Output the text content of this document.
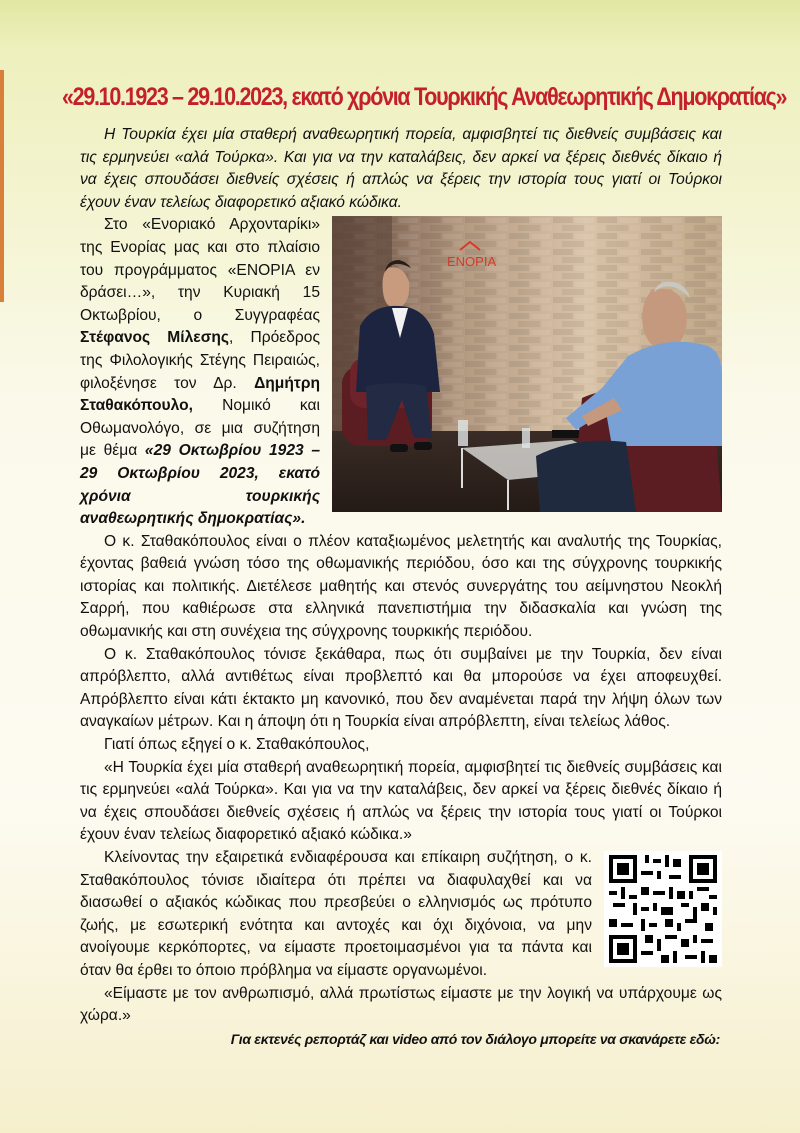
«29.10.1923 – 29.10.2023, εκατό χρόνια Τουρκικής Αναθεωρητικής Δημοκρατίας»

Η Τουρκία έχει μία σταθερή αναθεωρητική πορεία, αμφισβητεί τις διεθνείς συμβάσεις και τις ερμηνεύει «αλά Τούρκα». Και για να την καταλάβεις, δεν αρκεί να ξέρεις διεθνές δίκαιο ή να έχεις σπουδάσει διεθνείς σχέσεις ή απλώς να ξέρεις την ιστορία τους γιατί οι Τούρκοι έχουν έναν τελείως διαφορετικό αξιακό κώδικα.

ΕΝΟΡΙΑ
Στο «Ενοριακό Αρχονταρίκι» της Ενορίας μας και στο πλαίσιο του προγράμματος «ΕΝΟΡΙΑ εν δράσει…», την Κυριακή 15 Οκτωβρίου, ο Συγγραφέας Στέφανος Μίλεσης, Πρόεδρος της Φιλολογικής Στέγης Πειραιώς, φιλοξένησε τον Δρ. Δημήτρη Σταθακόπουλο, Νομικό και Οθωμανολόγο, σε μια συζήτηση με θέμα «29 Οκτωβρίου 1923 – 29 Οκτωβρίου 2023, εκατό χρόνια τουρκικής αναθεωρητικής δημοκρατίας».

Ο κ. Σταθακόπουλος είναι ο πλέον καταξιωμένος μελετητής και αναλυτής της Τουρκίας, έχοντας βαθειά γνώση τόσο της οθωμανικής περιόδου, όσο και της σύγχρονης τουρκικής ιστορίας και πολιτικής. Διετέλεσε μαθητής και στενός συνεργάτης του αείμνηστου Νεοκλή Σαρρή, που καθιέρωσε στα ελληνικά πανεπιστήμια την διδασκαλία και γνώση της οθωμανικής και στη συνέχεια της σύγχρονης τουρκικής περιόδου.

Ο κ. Σταθακόπουλος τόνισε ξεκάθαρα, πως ότι συμβαίνει με την Τουρκία, δεν είναι απρόβλεπτο, αλλά αντιθέτως είναι προβλεπτό και θα μπορούσε να έχει αποφευχθεί. Απρόβλεπτο είναι κάτι έκτακτο μη κανονικό, που δεν αναμένεται παρά την λήψη όλων των αναγκαίων μέτρων. Και η άποψη ότι η Τουρκία είναι απρόβλεπτη, είναι τελείως λάθος.

Γιατί όπως εξηγεί ο κ. Σταθακόπουλος,

«Η Τουρκία έχει μία σταθερή αναθεωρητική πορεία, αμφισβητεί τις διεθνείς συμβάσεις και τις ερμηνεύει «αλά Τούρκα». Και για να την καταλάβεις, δεν αρκεί να ξέρεις διεθνές δίκαιο ή να έχεις σπουδάσει διεθνείς σχέσεις ή απλώς να ξέρεις την ιστορία τους γιατί οι Τούρκοι έχουν έναν τελείως διαφορετικό αξιακό κώδικα.»

Κλείνοντας την εξαιρετικά ενδιαφέρουσα και επίκαιρη συζήτηση, ο κ. Σταθακόπουλος τόνισε ιδιαίτερα ότι πρέπει να διαφυλαχθεί και να διασωθεί ο αξιακός κώδικας που πρεσβεύει ο ελληνισμός ως πρότυπο ζωής, με εσωτερική ενότητα και αντοχές και όχι διχόνοια, να μην ανοίγουμε κερκόπορτες, να είμαστε προετοιμασμένοι για τα πάντα και όταν θα έρθει το όποιο πρόβλημα να είμαστε οργανωμένοι.

«Είμαστε με τον ανθρωπισμό, αλλά πρωτίστως είμαστε με την λογική να υπάρχουμε ως χώρα.»

Για εκτενές ρεπορτάζ και video από τον διάλογο μπορείτε να σκανάρετε εδώ:
